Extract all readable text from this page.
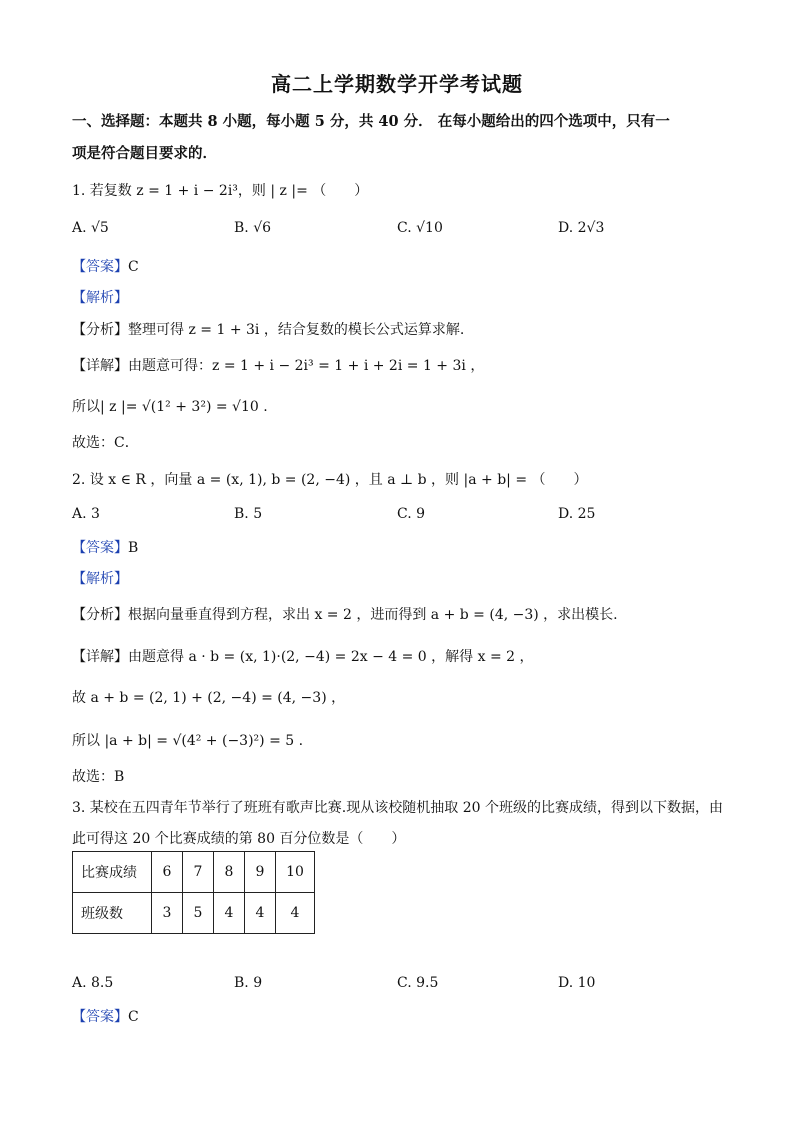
高二上学期数学开学考试题
一、选择题：本题共 8 小题，每小题 5 分，共 40 分． 在每小题给出的四个选项中，只有一
项是符合题目要求的．
1. 若复数 z = 1 + i − 2i³，则 | z |= （　　）
A. √5	B. √6	C. √10	D. 2√3
【答案】C
【解析】
【分析】整理可得 z = 1 + 3i ，结合复数的模长公式运算求解.
【详解】由题意可得：z = 1 + i − 2i³ = 1 + i + 2i = 1 + 3i ，
所以| z |= √(1² + 3²) = √10 .
故选：C．
2. 设 x ∈ R ，向量 a = (x, 1), b = (2, −4) ，且 a ⊥ b ，则 |a + b| = （　　）
A. 3	B. 5	C. 9	D. 25
【答案】B
【解析】
【分析】根据向量垂直得到方程，求出 x = 2 ，进而得到 a + b = (4, −3) ，求出模长.
【详解】由题意得 a · b = (x, 1)·(2, −4) = 2x − 4 = 0 ，解得 x = 2 ，
故 a + b = (2, 1) + (2, −4) = (4, −3) ，
所以 |a + b| = √(4² + (−3)²) = 5 .
故选：B
3. 某校在五四青年节举行了班班有歌声比赛.现从该校随机抽取 20 个班级的比赛成绩，得到以下数据，由
此可得这 20 个比赛成绩的第 80 百分位数是（　　）
比赛成绩	6	7	8	9	10
班级数	3	5	4	4	4
A. 8.5	B. 9	C. 9.5	D. 10
【答案】C
